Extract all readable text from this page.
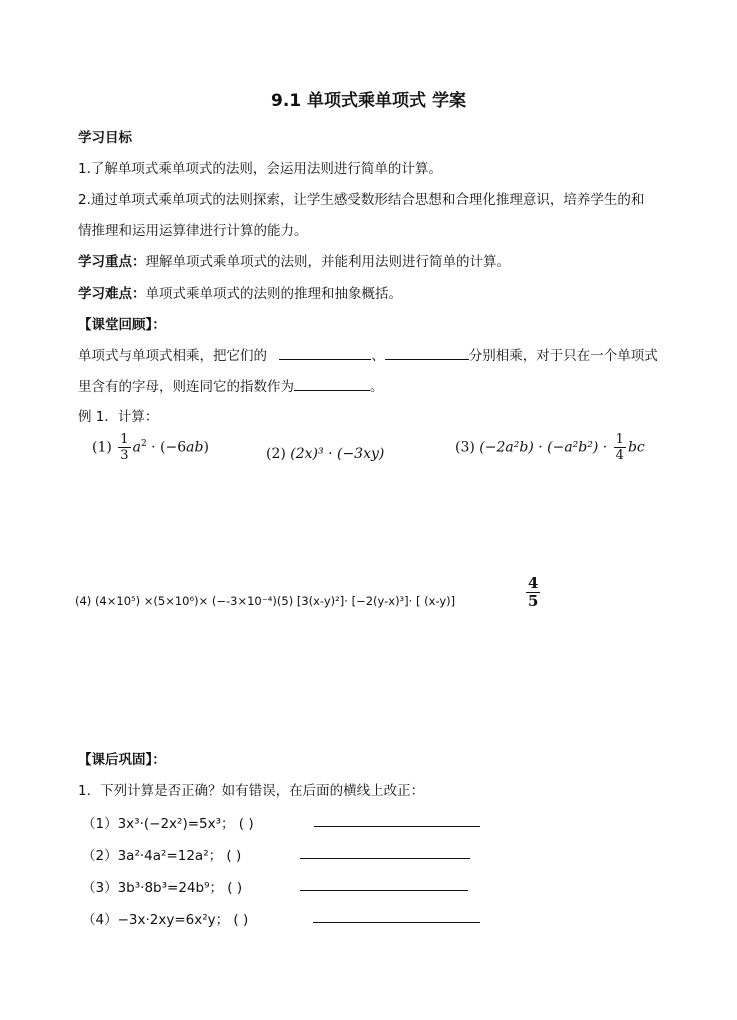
9.1 单项式乘单项式 学案
学习目标
1.了解单项式乘单项式的法则，会运用法则进行简单的计算。
2.通过单项式乘单项式的法则探索，让学生感受数形结合思想和合理化推理意识，培养学生的和
情推理和运用运算律进行计算的能力。
学习重点：理解单项式乘单项式的法则，并能利用法则进行简单的计算。
学习难点：单项式乘单项式的法则的推理和抽象概括。
【课堂回顾】：
单项式与单项式相乘，把它们的	、	分别相乘，对于只在一个单项式
里含有的字母，则连同它的指数作为	。
例 1．计算：
$(1) \frac{1}{3} a^2 \cdot (-6ab)$	(2) (2x)³ · (−3xy)	(3) $(-2a^2b) \cdot (-a^2b^2) \cdot \frac{1}{4}$ bc
(4) (4×10⁵) ×(5×10⁶)× (−-3×10⁻⁴)(5) [3(x-y)²]· [−2(y-x)³]· [ (x-y)]	$\frac{4}{5}$
【课后巩固】：
1．下列计算是否正确？如有错误，在后面的横线上改正：
（1）3x³·(−2x²)=5x³； ( )
（2）3a²·4a²=12a²； ( )
（3）3b³·8b³=24b⁹； ( )
（4）−3x·2xy=6x²y； ( )
